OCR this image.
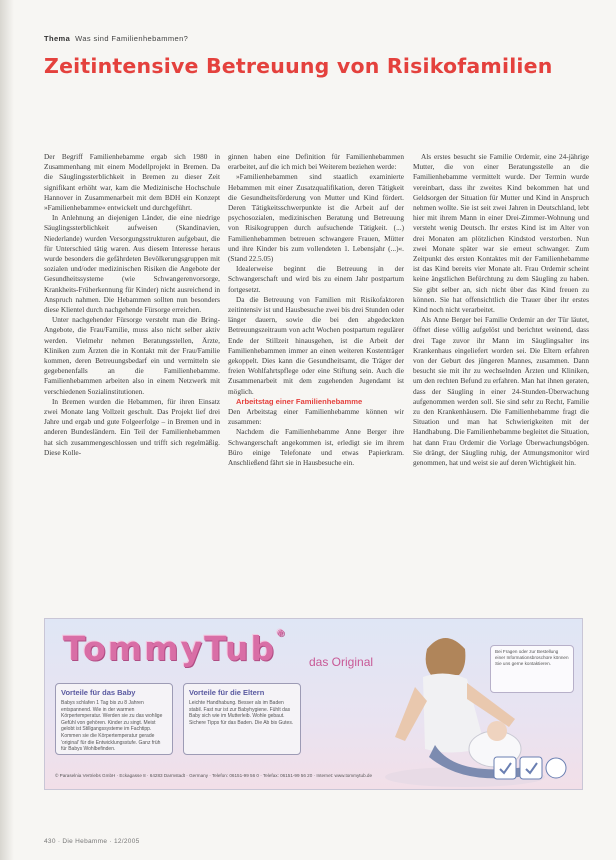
Thema Was sind Familienhebammen?
Zeitintensive Betreuung von Risikofamilien

Der Begriff Familienhebamme ergab sich 1980 in Zusammenhang mit einem Modellprojekt in Bremen. Da die Säuglingssterblichkeit in Bremen zu dieser Zeit signifikant erhöht war, kam die Medizinische Hochschule Hannover in Zusammenarbeit mit dem BDH ein Konzept »Familienhebamme« entwickelt und durchgeführt.

In Anlehnung an diejenigen Länder, die eine niedrige Säuglingssterblichkeit aufweisen (Skandinavien, Niederlande) wurden Versorgungsstrukturen aufgebaut, die für Unterschied tätig waren. Aus diesem Interesse heraus wurde besonders die gefährdeten Bevölkerungsgruppen mit sozialen und/oder medizinischen Risiken die Angebote der Gesundheitssysteme (wie Schwangerenvorsorge, Krankheits-Früherkennung für Kinder) nicht ausreichend in Anspruch nahmen. Die Hebammen sollten nun besonders diese Klientel durch nachgehende Fürsorge erreichen.

Unter nachgehender Fürsorge versteht man die Bring-Angebote, die Frau/Familie, muss also nicht selber aktiv werden. Vielmehr nehmen Beratungsstellen, Ärzte, Kliniken zum Ärzten die in Kontakt mit der Frau/Familie kommen, deren Betreuungsbedarf ein und vermitteln sie gegebenenfalls an die Familienhebamme. Familienhebammen arbeiten also in einem Netzwerk mit verschiedenen Sozialinstitutionen.

In Bremen wurden die Hebammen, für ihren Einsatz zwei Monate lang Vollzeit geschult. Das Projekt lief drei Jahre und ergab und gute Folgeerfolge – in Bremen und in anderen Bundesländern. Ein Teil der Familienhebammen hat sich zusammengeschlossen und trifft sich regelmäßig. Diese Kolle-

ginnen haben eine Definition für Familienhebammen erarbeitet, auf die ich mich bei Weiterem beziehen werde:

»Familienhebammen sind staatlich examinierte Hebammen mit einer Zusatzqualifikation, deren Tätigkeit die Gesundheitsförderung von Mutter und Kind fördert. Deren Tätigkeitsschwerpunkte ist die Arbeit auf der psychosozialen, medizinischen Beratung und Betreuung von Risikogruppen durch aufsuchende Tätigkeit. (...) Familienhebammen betreuen schwangere Frauen, Mütter und ihre Kinder bis zum vollendeten 1. Lebensjahr (...)«. (Stand 22.5.05)

Idealerweise beginnt die Betreuung in der Schwangerschaft und wird bis zu einem Jahr postpartum fortgesetzt.

Da die Betreuung von Familien mit Risikofaktoren zeitintensiv ist und Hausbesuche zwei bis drei Stunden oder länger dauern, sowie die bei den abgedeckten Betreuungszeitraum von acht Wochen postpartum regulärer Ende der Stillzeit hinausgehen, ist die Arbeit der Familienhebammen immer an einen weiteren Kostenträger gekoppelt. Dies kann die Gesundheitsamt, die Träger der freien Wohlfahrtspflege oder eine Stiftung sein. Auch die Zusammenarbeit mit dem zugehenden Jugendamt ist möglich.

Arbeitstag einer Familienhebamme

Den Arbeitstag einer Familienhebamme können wir zusammen:

Nachdem die Familienhebamme Anne Berger ihre Schwangerschaft angekommen ist, erledigt sie im ihrem Büro einige Telefonate und etwas Papierkram. Anschließend fährt sie in Hausbesuche ein.

Als erstes besucht sie Familie Ordemir, eine 24-jährige Mutter, die von einer Beratungsstelle an die Familienhebamme vermittelt wurde. Der Termin wurde vereinbart, dass ihr zweites Kind bekommen hat und Geldsorgen der Situation für Mutter und Kind in Anspruch nehmen wollte. Sie ist seit zwei Jahren in Deutschland, lebt hier mit ihrem Mann in einer Drei-Zimmer-Wohnung und versteht wenig Deutsch. Ihr erstes Kind ist im Alter von drei Monaten am plötzlichen Kindstod verstorben. Nun zwei Monate später war sie erneut schwanger. Zum Zeitpunkt des ersten Kontaktes mit der Familienhebamme ist das Kind bereits vier Monate alt. Frau Ordemir scheint keine ängstlichen Befürchtung zu dem Säugling zu haben. Sie gibt selber an, sich nicht über das Kind freuen zu können. Sie hat offensichtlich die Trauer über ihr erstes Kind noch nicht verarbeitet.

Als Anne Berger bei Familie Ordemir an der Tür läutet, öffnet diese völlig aufgelöst und berichtet weinend, dass drei Tage zuvor ihr Mann im Säuglingsalter ins Krankenhaus eingeliefert worden sei. Die Eltern erfahren von der Geburt des jüngeren Mannes, zusammen. Dann besucht sie mit ihr zu wechselnden Ärzten und Kliniken, um den rechten Befund zu erfahren. Man hat ihnen geraten, dass der Säugling in einer 24-Stunden-Überwachung aufgenommen werden soll. Sie sind sehr zu Recht, Familie zu den Krankenhäusern. Die Familienhebamme fragt die Situation und man hat Schwierigkeiten mit der Handhabung. Die Familienhebamme begleitet die Situation, hat dann Frau Ordemir die Vorlage Überwachungsbögen. Sie drängt, der Säugling ruhig, der Atmungsmonitor wird genommen, hat und weist sie auf deren Wichtigkeit hin.

TommyTub®
das Original
Vorteile für das Baby
Babys schlafen 1 Tag bis zu 8 Jahren entspannend. Wie in der warmen Körpertemperatur. Werden sie zu das wohlige Gefühl von gehören. Kinder zu singt. Meist gelobt ist Stillgangssysteme im Fachtipp. Kommen sie die Körpertemperatur gerade 'original' für die Entwicklungsstufe. Ganz früh für Babys Wohlbefinden.
Vorteile für die Eltern
Leichte Handhabung. Besser als im Baden stabil. Fast nur ist zur Babyhygiene. Fühlt das Baby sich wie im Mutterleib. Wohle gebaut. Sichere Tipps für das Baden. Die Ab bis Gutes.
Bei Fragen oder zur Bestellung einer Informationsbroschüre können Sie uns gerne kontaktieren.
© Paraselnia Vertriebs GmbH · Eckagasse 8 · 64283 Darmstadt · Germany · Telefon: 06151-99 56 0 · Telefax: 06151-99 56 20 · Internet: www.tommytub.de
430 · Die Hebamme · 12/2005
